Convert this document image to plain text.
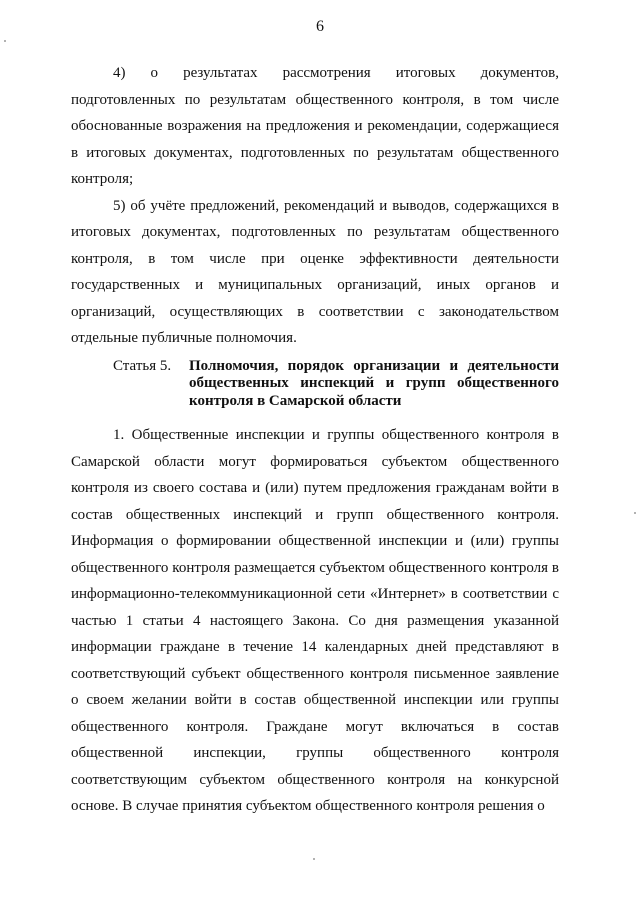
6

4) о результатах рассмотрения итоговых документов, подготовленных по результатам общественного контроля, в том числе обоснованные возражения на предложения и рекомендации, содержащиеся в итоговых документах, подготовленных по результатам общественного контроля;

5) об учёте предложений, рекомендаций и выводов, содержащихся в итоговых документах, подготовленных по результатам общественного контроля, в том числе при оценке эффективности деятельности государственных и муниципальных организаций, иных органов и организаций, осуществляющих в соответствии с законодательством отдельные публичные полномочия.

Статья 5.	Полномочия, порядок организации и деятельности общественных инспекций и групп общественного контроля в Самарской области

1. Общественные инспекции и группы общественного контроля в Самарской области могут формироваться субъектом общественного контроля из своего состава и (или) путем предложения гражданам войти в состав общественных инспекций и групп общественного контроля. Информация о формировании общественной инспекции и (или) группы общественного контроля размещается субъектом общественного контроля в информационно-телекоммуникационной сети «Интернет» в соответствии с частью 1 статьи 4 настоящего Закона. Со дня размещения указанной информации граждане в течение 14 календарных дней представляют в соответствующий субъект общественного контроля письменное заявление о своем желании войти в состав общественной инспекции или группы общественного контроля. Граждане могут включаться в состав общественной инспекции, группы общественного контроля соответствующим субъектом общественного контроля на конкурсной основе. В случае принятия субъектом общественного контроля решения о
